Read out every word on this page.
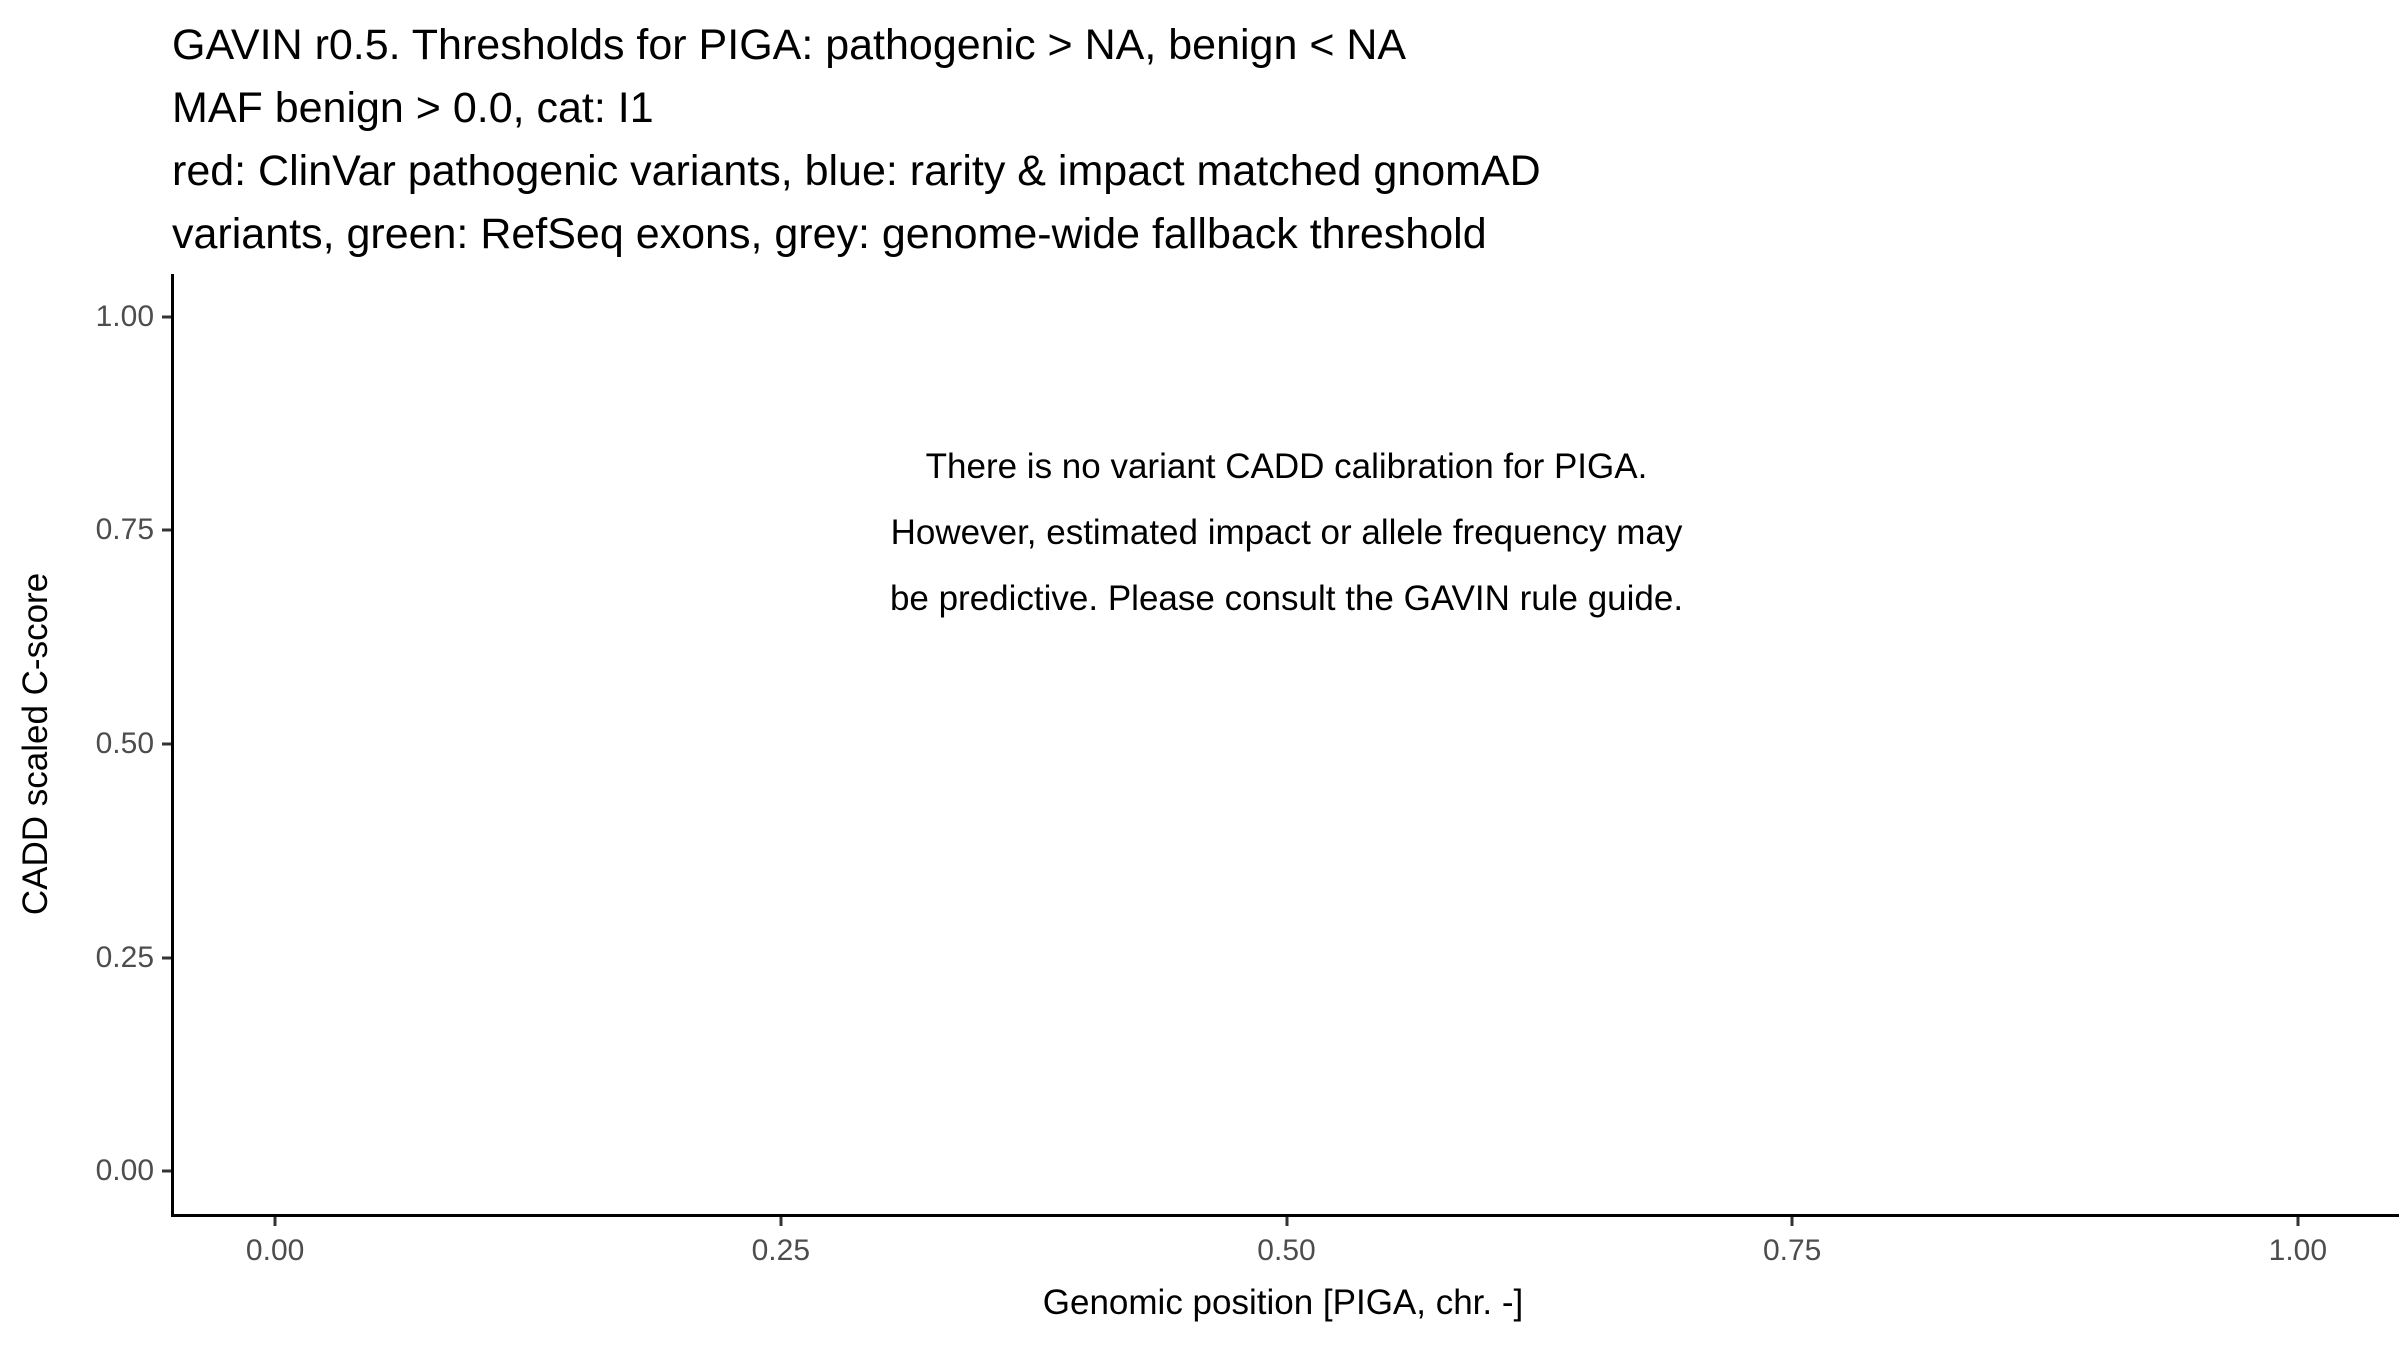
GAVIN r0.5. Thresholds for PIGA: pathogenic > NA, benign < NA
MAF benign > 0.0, cat: I1
red: ClinVar pathogenic variants, blue: rarity & impact matched gnomAD
variants, green: RefSeq exons, grey: genome-wide fallback threshold
There is no variant CADD calibration for PIGA.
However, estimated impact or allele frequency may
be predictive. Please consult the GAVIN rule guide.
0.00	0.25	0.50	0.75	1.00
0.00
0.25
0.50
0.75
1.00
Genomic position [PIGA, chr. -]
CADD scaled C-score
